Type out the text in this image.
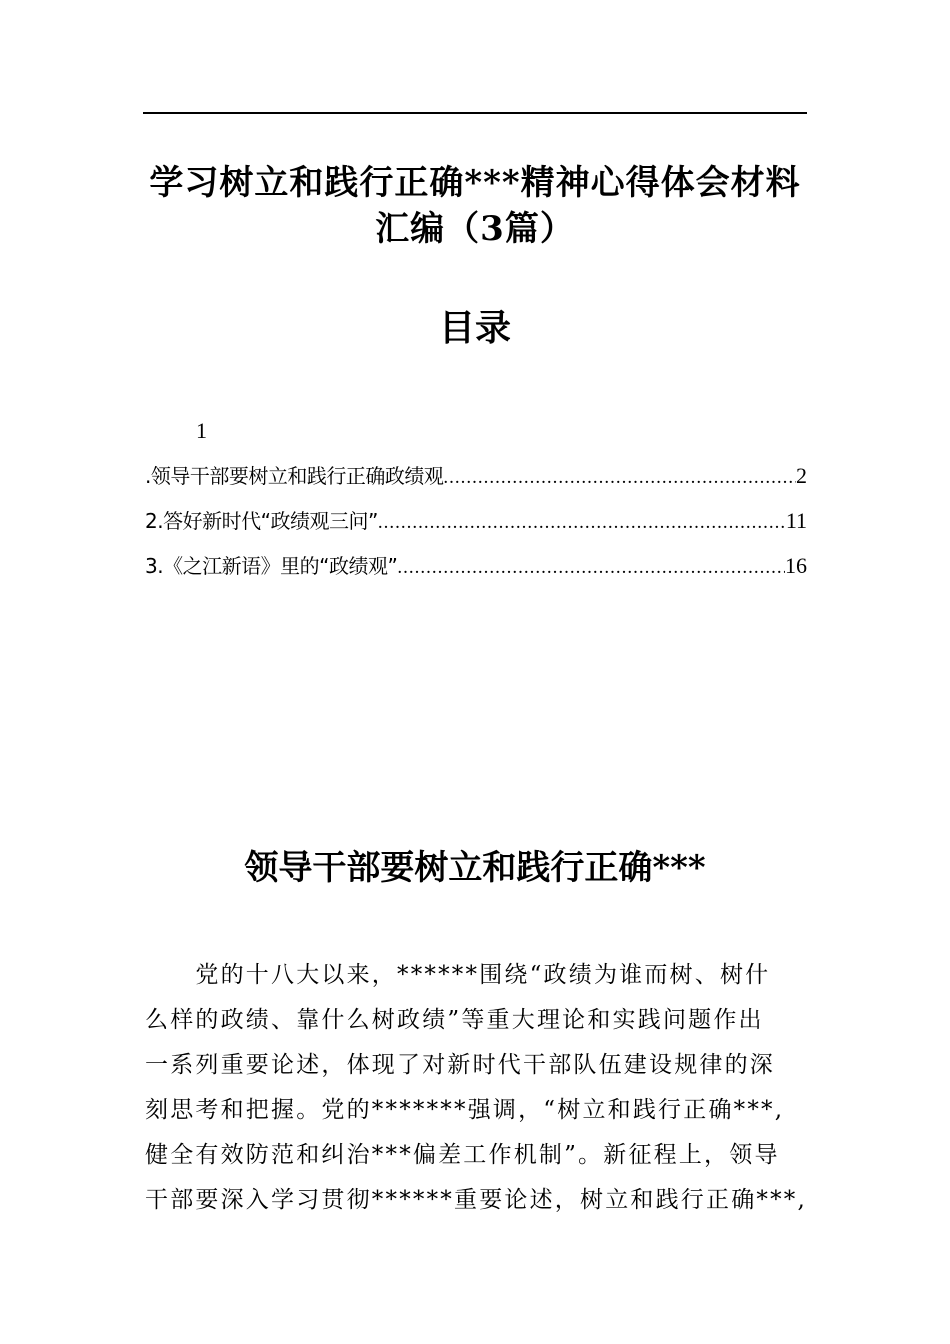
学习树立和践行正确***精神心得体会材料
汇编（3篇）
目录
1
.领导干部要树立和践行正确政绩观 .....	2
2.答好新时代“政绩观三问” .....	11
3.《之江新语》里的“政绩观” .....	16
领导干部要树立和践行正确***
　　党的十八大以来，******围绕“政绩为谁而树、树什
么样的政绩、靠什么树政绩”等重大理论和实践问题作出
一系列重要论述，体现了对新时代干部队伍建设规律的深
刻思考和把握。党的*******强调，“树立和践行正确***,
健全有效防范和纠治***偏差工作机制”。新征程上，领导
干部要深入学习贯彻******重要论述，树立和践行正确***,
